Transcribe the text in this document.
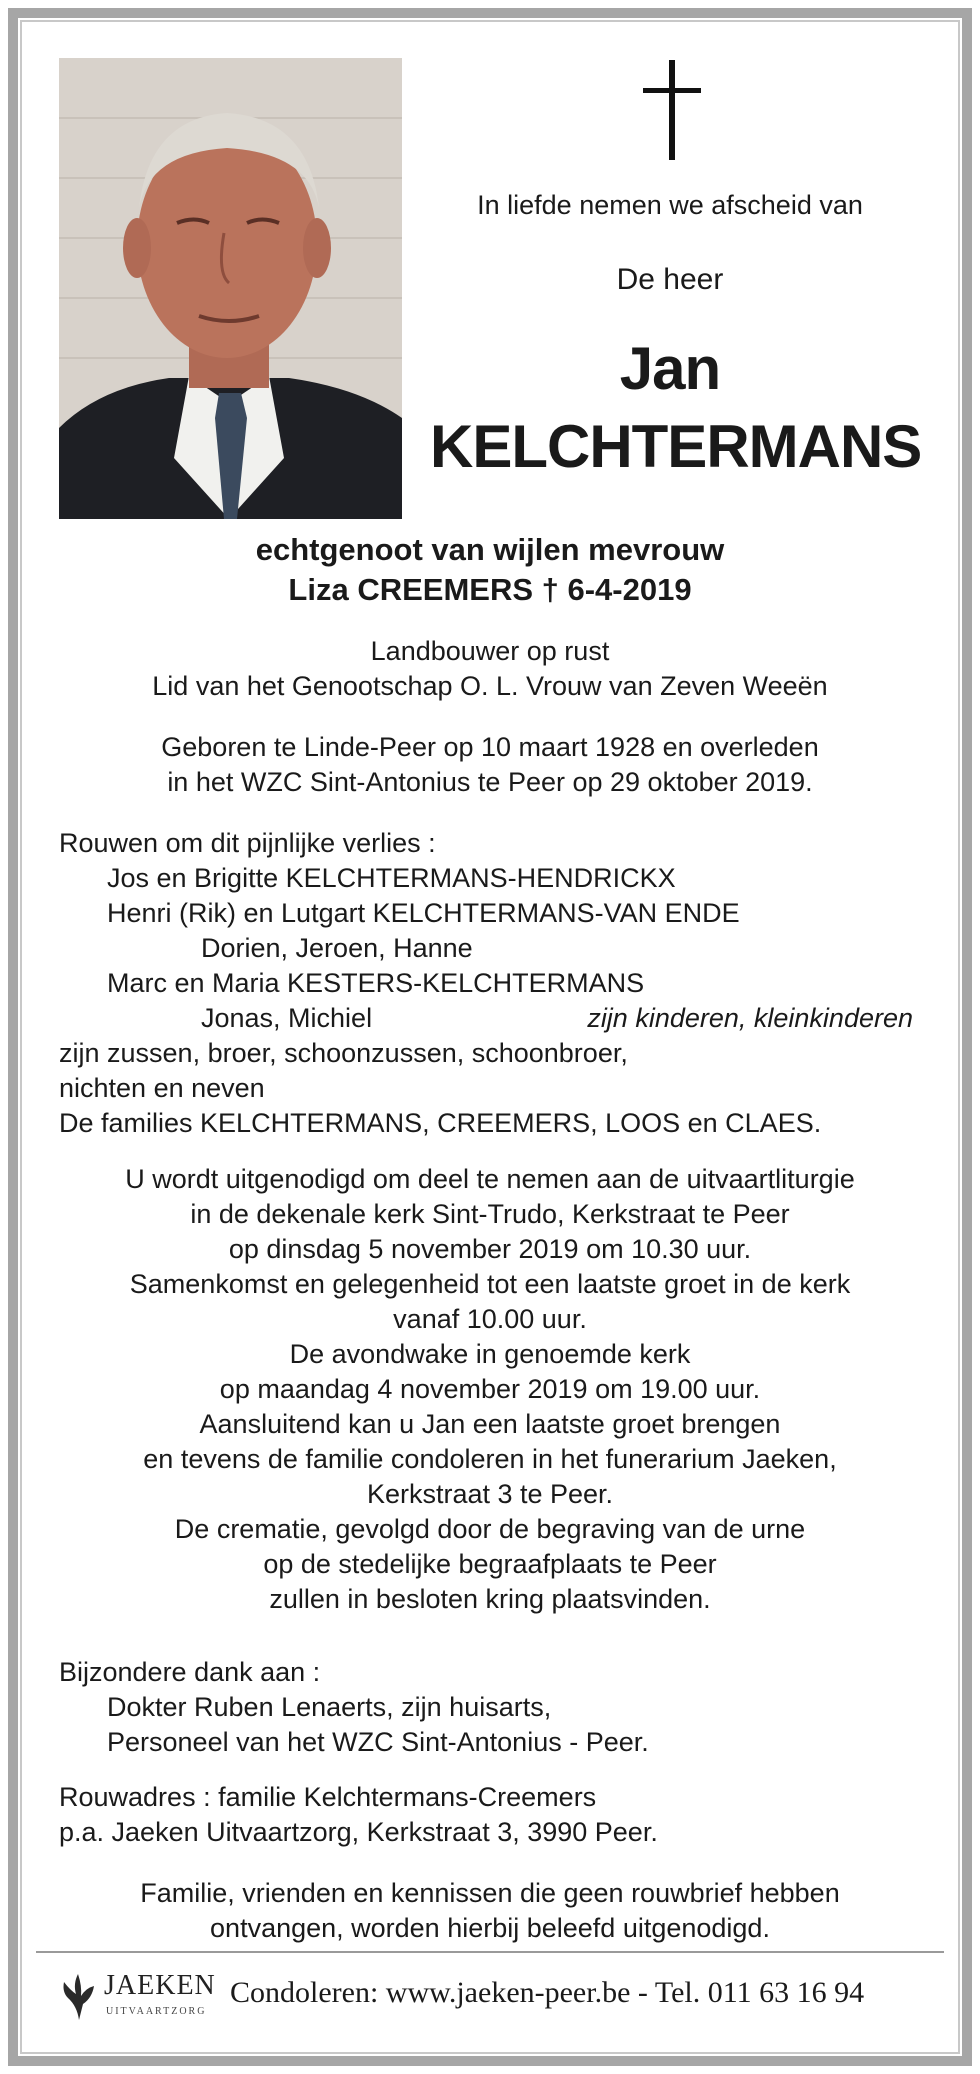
In liefde nemen we afscheid van
De heer
Jan
KELCHTERMANS
echtgenoot van wijlen mevrouw
Liza CREEMERS † 6-4-2019
Landbouwer op rust
Lid van het Genootschap O. L. Vrouw van Zeven Weeën
Geboren te Linde-Peer op 10 maart 1928 en overleden
in het WZC Sint-Antonius te Peer op 29 oktober 2019.
Rouwen om dit pijnlijke verlies :
Jos en Brigitte KELCHTERMANS-HENDRICKX
Henri (Rik) en Lutgart KELCHTERMANS-VAN ENDE
Dorien, Jeroen, Hanne
Marc en Maria KESTERS-KELCHTERMANS
Jonas, Michiel	zijn kinderen, kleinkinderen
zijn zussen, broer, schoonzussen, schoonbroer,
nichten en neven
De families KELCHTERMANS, CREEMERS, LOOS en CLAES.
U wordt uitgenodigd om deel te nemen aan de uitvaartliturgie
in de dekenale kerk Sint-Trudo, Kerkstraat te Peer
op dinsdag 5 november 2019 om 10.30 uur.
Samenkomst en gelegenheid tot een laatste groet in de kerk
vanaf 10.00 uur.
De avondwake in genoemde kerk
op maandag 4 november 2019 om 19.00 uur.
Aansluitend kan u Jan een laatste groet brengen
en tevens de familie condoleren in het funerarium Jaeken,
Kerkstraat 3 te Peer.
De crematie, gevolgd door de begraving van de urne
op de stedelijke begraafplaats te Peer
zullen in besloten kring plaatsvinden.
Bijzondere dank aan :
Dokter Ruben Lenaerts, zijn huisarts,
Personeel van het WZC Sint-Antonius - Peer.
Rouwadres : familie Kelchtermans-Creemers
p.a. Jaeken Uitvaartzorg, Kerkstraat 3, 3990 Peer.
Familie, vrienden en kennissen die geen rouwbrief hebben
ontvangen, worden hierbij beleefd uitgenodigd.
JAEKEN
UITVAARTZORG
Condoleren: www.jaeken-peer.be - Tel. 011 63 16 94
